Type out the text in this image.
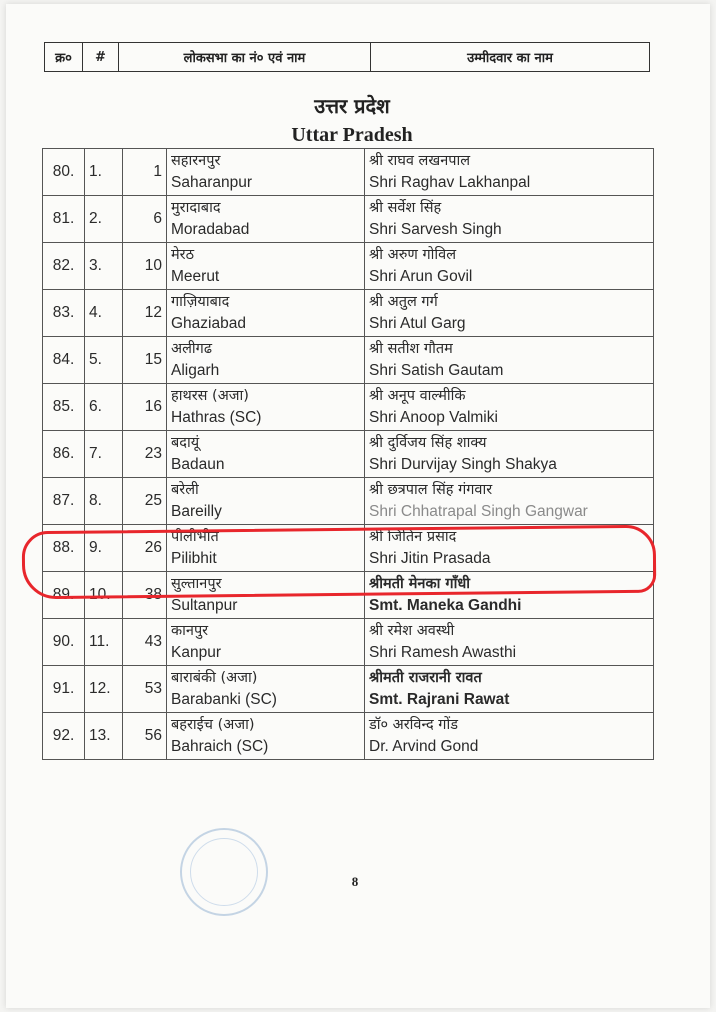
क्र०	#	लोकसभा का नं० एवं नाम	उम्मीदवार का नाम
उत्तर प्रदेश
Uttar Pradesh
80.	1.	1	सहारनपुर
Saharanpur	श्री राघव लखनपाल
Shri Raghav Lakhanpal

81.	2.	6	मुरादाबाद
Moradabad	श्री सर्वेश सिंह
Shri Sarvesh Singh

82.	3.	10	मेरठ
Meerut	श्री अरुण गोविल
Shri Arun Govil

83.	4.	12	गाज़ियाबाद
Ghaziabad	श्री अतुल गर्ग
Shri Atul Garg

84.	5.	15	अलीगढ
Aligarh	श्री सतीश गौतम
Shri Satish Gautam

85.	6.	16	हाथरस (अजा)
Hathras (SC)	श्री अनूप वाल्मीकि
Shri Anoop Valmiki

86.	7.	23	बदायूं
Badaun	श्री दुर्विजय सिंह शाक्य
Shri Durvijay Singh Shakya

87.	8.	25	बरेली
Bareilly	श्री छत्रपाल सिंह गंगवार
Shri Chhatrapal Singh Gangwar

88.	9.	26	पीलीभीत
Pilibhit	श्री जितिन प्रसाद
Shri Jitin Prasada

89.	10.	38	सुल्तानपुर
Sultanpur	श्रीमती मेनका गाँधी
Smt. Maneka Gandhi

90.	11.	43	कानपुर
Kanpur	श्री रमेश अवस्थी
Shri Ramesh Awasthi

91.	12.	53	बाराबंकी (अजा)
Barabanki (SC)	श्रीमती राजरानी रावत
Smt. Rajrani Rawat

92.	13.	56	बहराईच (अजा)
Bahraich (SC)	डॉ० अरविन्द गोंड
Dr. Arvind Gond
8
